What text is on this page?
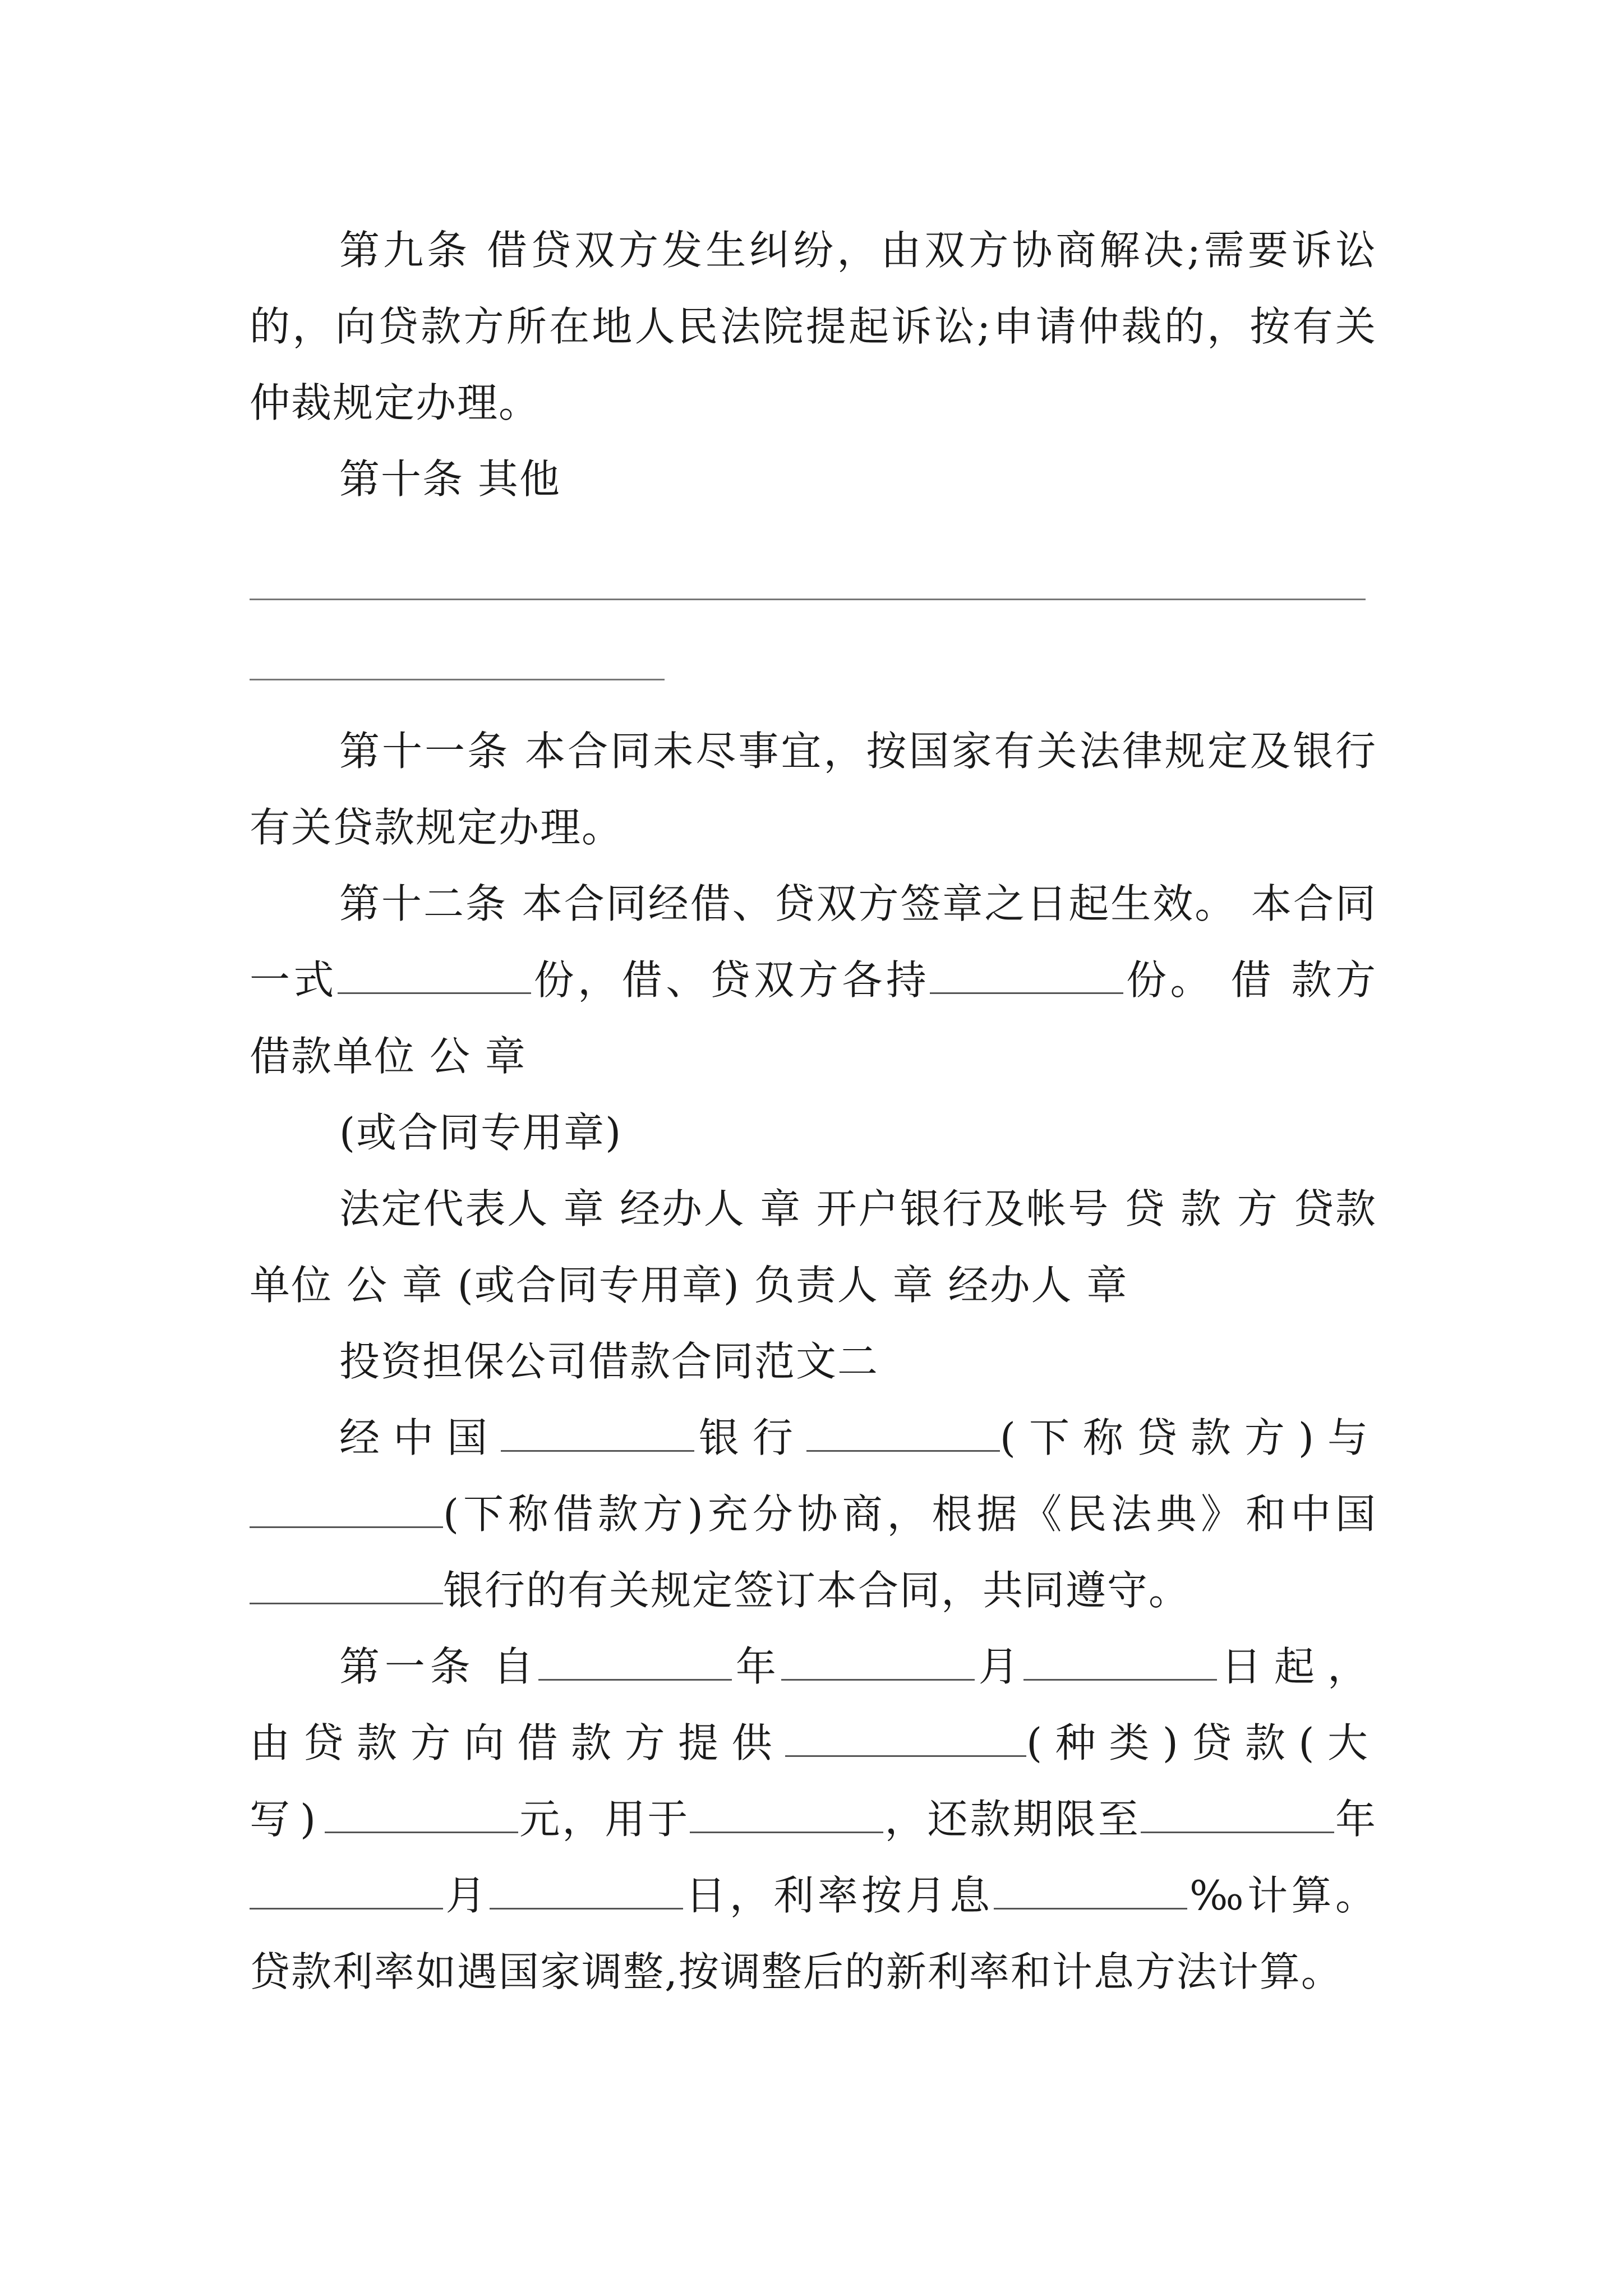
第九条 借贷双方发生纠纷，由双方协商解决;需要诉讼的，向贷款方所在地人民法院提起诉讼;申请仲裁的，按有关仲裁规定办理。

第十条 其他

第十一条 本合同未尽事宜，按国家有关法律规定及银行有关贷款规定办理。

第十二条 本合同经借、贷双方签章之日起生效。 本合同一式	份，借、贷双方各持	份。 借 款方 借款单位 公 章

(或合同专用章)

法定代表人 章 经办人 章 开户银行及帐号 贷 款 方 贷款单位 公 章 (或合同专用章) 负责人 章 经办人 章

投资担保公司借款合同范文二

经中国	银行	(下称贷款方)与(下称借款方)充分协商，根据《民法典》和中国银行的有关规定签订本合同，共同遵守。

第一条 自	年	月	日起，由贷款方向借款方提供	(种类)贷款(大写)	元，用于	，还款期限至	年月	日，利率按月息	‰计算。贷款利率如遇国家调整,按调整后的新利率和计息方法计算。
